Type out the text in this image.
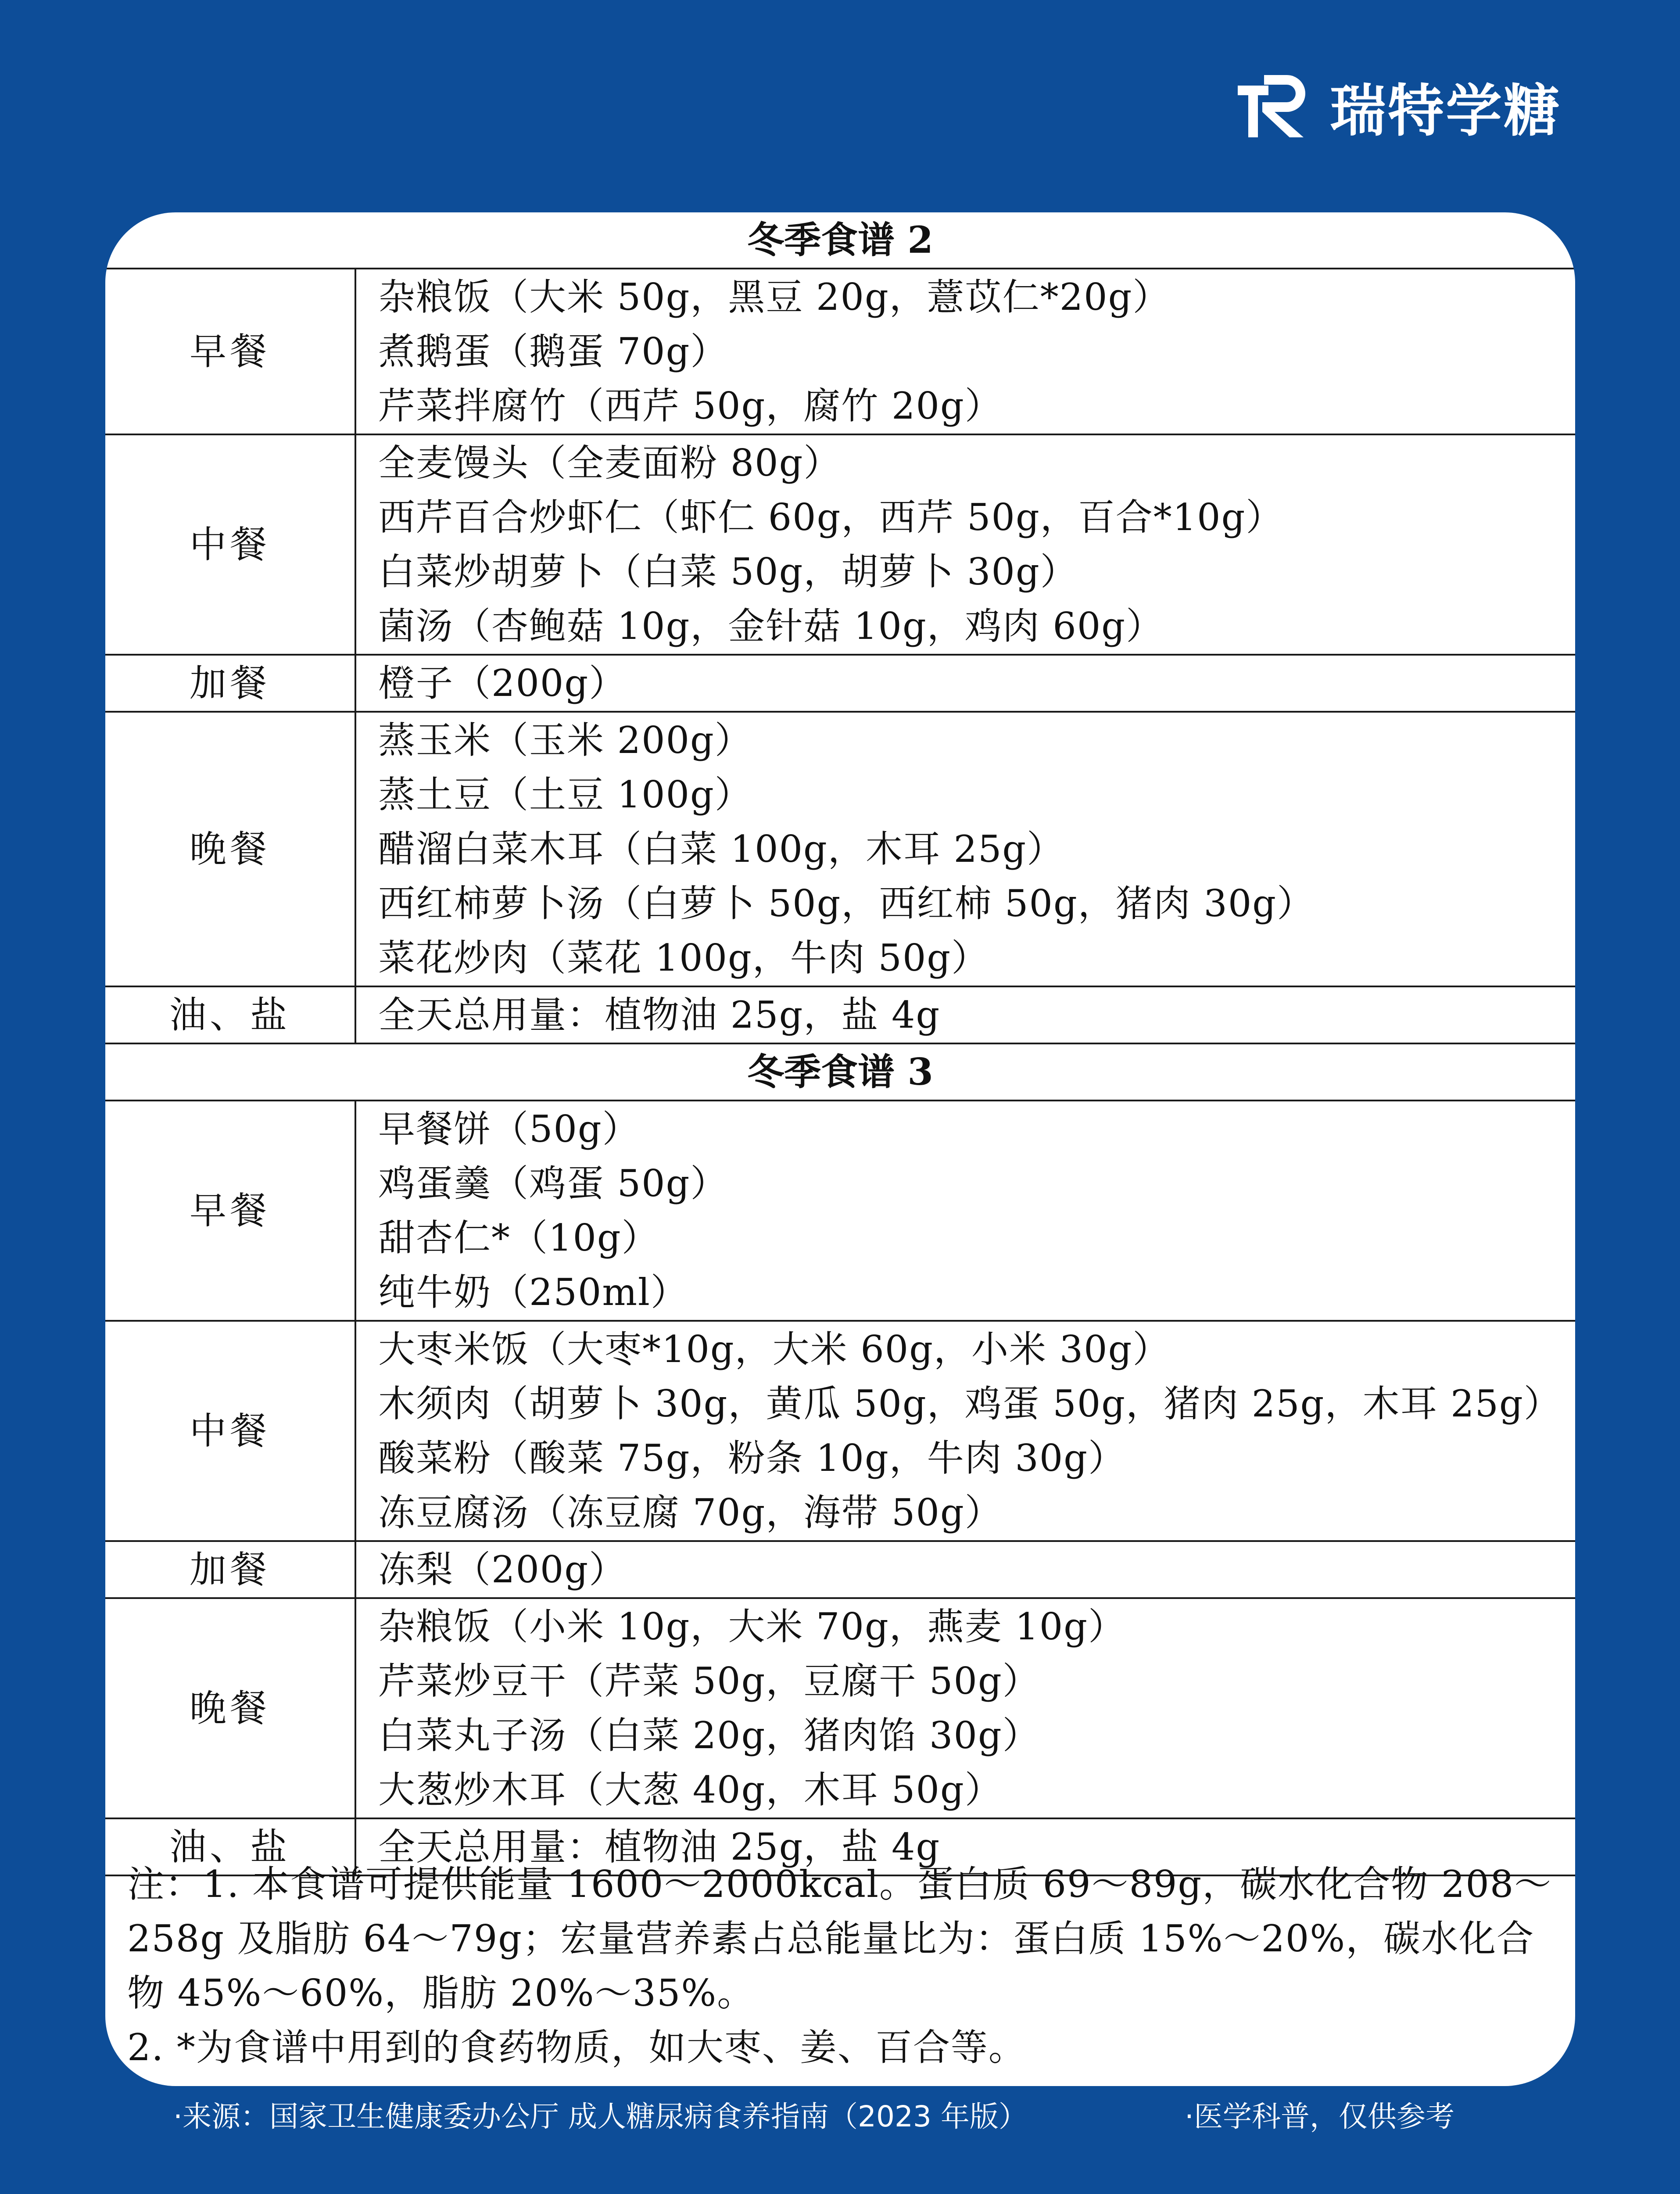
瑞特学糖
冬季食谱 2	
早餐	杂粮饭（大米 50g，黑豆 20g，薏苡仁*20g）
煮鹅蛋（鹅蛋 70g）
芹菜拌腐竹（西芹 50g，腐竹 20g）

中餐	全麦馒头（全麦面粉 80g）
西芹百合炒虾仁（虾仁 60g，西芹 50g，百合*10g）
白菜炒胡萝卜（白菜 50g，胡萝卜 30g）
菌汤（杏鲍菇 10g，金针菇 10g，鸡肉 60g）

加餐	橙子（200g）

晚餐	蒸玉米（玉米 200g）
蒸土豆（土豆 100g）
醋溜白菜木耳（白菜 100g，木耳 25g）
西红柿萝卜汤（白萝卜 50g，西红柿 50g，猪肉 30g）
菜花炒肉（菜花 100g，牛肉 50g）

油、盐	全天总用量：植物油 25g，盐 4g

冬季食谱 3	
早餐	早餐饼（50g）
鸡蛋羹（鸡蛋 50g）
甜杏仁*（10g）
纯牛奶（250ml）

中餐	大枣米饭（大枣*10g，大米 60g，小米 30g）
木须肉（胡萝卜 30g，黄瓜 50g，鸡蛋 50g，猪肉 25g，木耳 25g）
酸菜粉（酸菜 75g，粉条 10g，牛肉 30g）
冻豆腐汤（冻豆腐 70g，海带 50g）

加餐	冻梨（200g）

晚餐	杂粮饭（小米 10g，大米 70g，燕麦 10g）
芹菜炒豆干（芹菜 50g，豆腐干 50g）
白菜丸子汤（白菜 20g，猪肉馅 30g）
大葱炒木耳（大葱 40g，木耳 50g）

油、盐	全天总用量：植物油 25g，盐 4g
注：1. 本食谱可提供能量 1600～2000kcal。蛋白质 69～89g，碳水化合物 208～
258g 及脂肪 64～79g；宏量营养素占总能量比为：蛋白质 15%～20%，碳水化合
物 45%～60%，脂肪 20%～35%。
2. *为食谱中用到的食药物质，如大枣、姜、百合等。
·来源：国家卫生健康委办公厅 成人糖尿病食养指南（2023 年版）	·医学科普，仅供参考
